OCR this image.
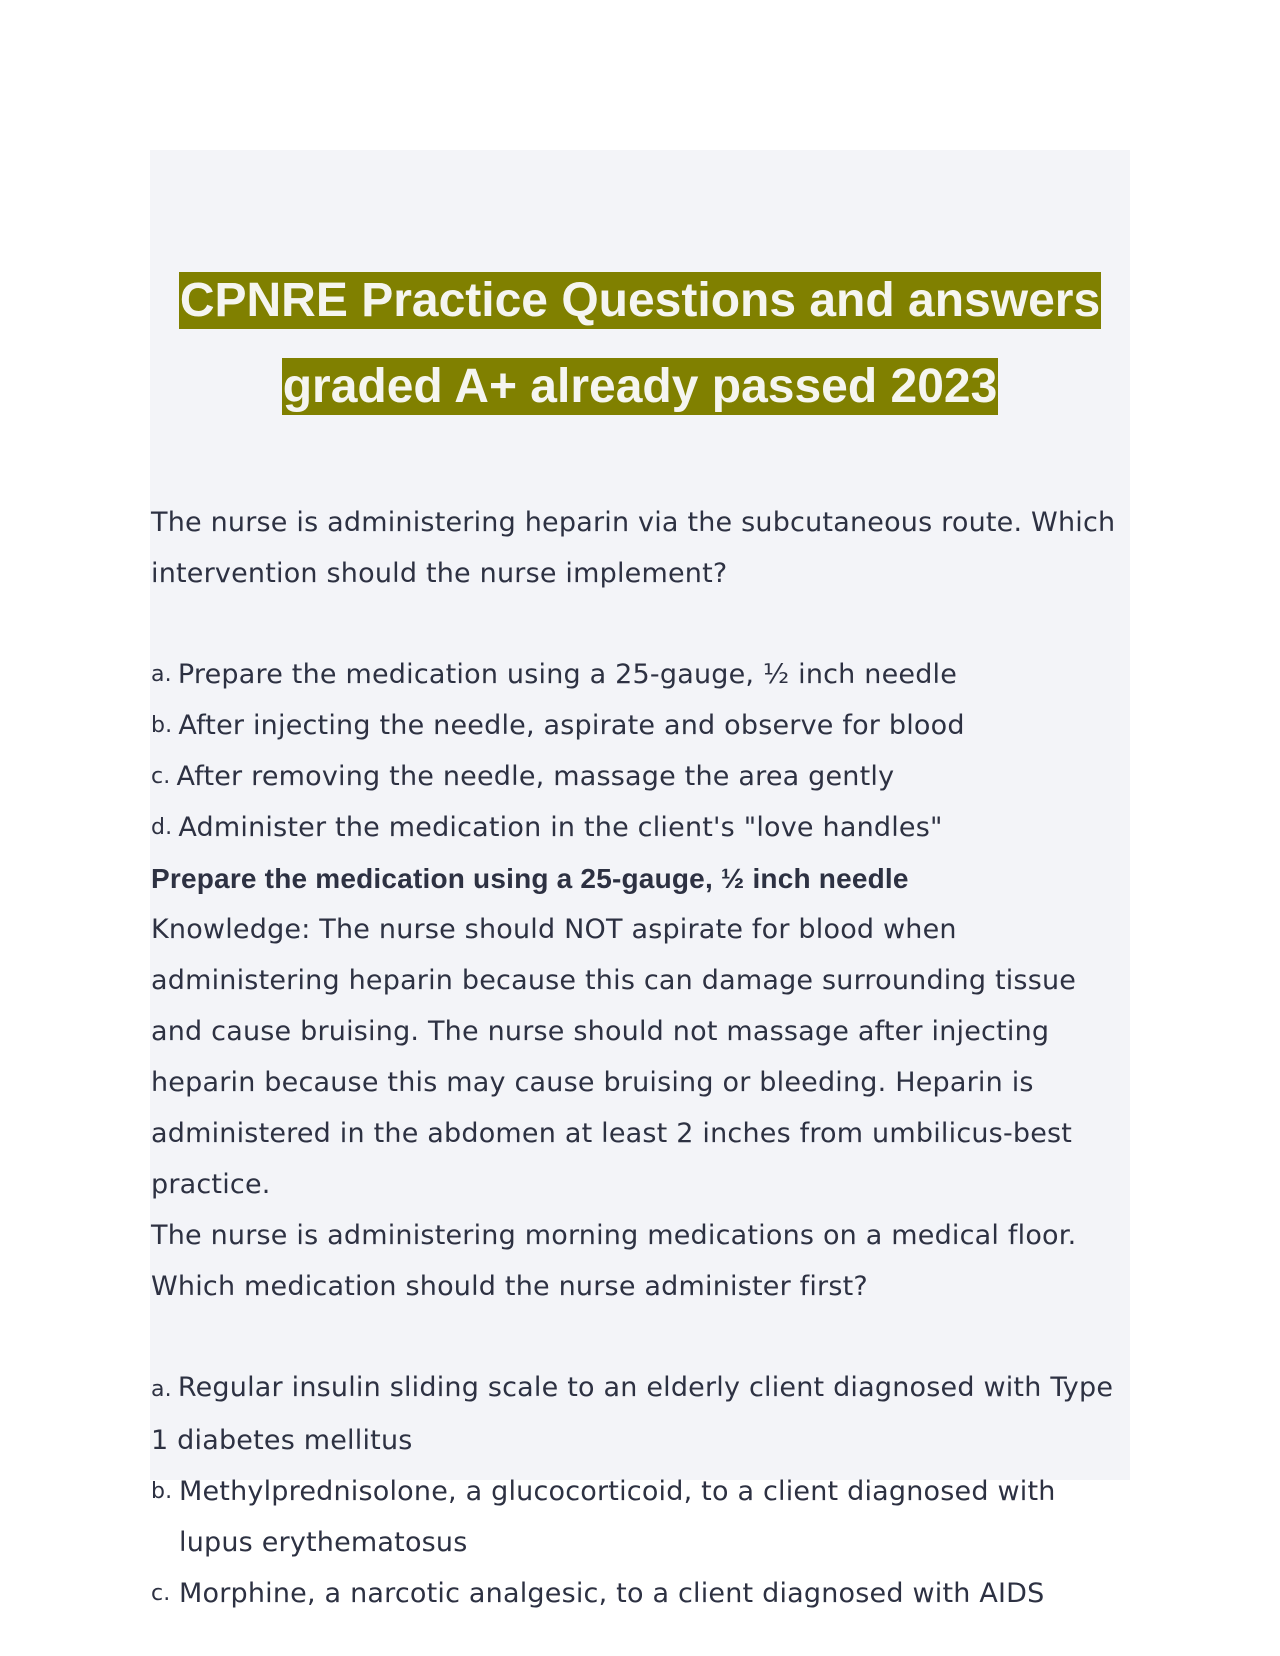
CPNRE Practice Questions and answers
graded A+ already passed 2023

The nurse is administering heparin via the subcutaneous route. Which intervention should the nurse implement?

a. Prepare the medication using a 25-gauge, ½ inch needle
b. After injecting the needle, aspirate and observe for blood
c. After removing the needle, massage the area gently
d. Administer the medication in the client's "love handles"

Prepare the medication using a 25-gauge, ½ inch needle

Knowledge: The nurse should NOT aspirate for blood when administering heparin because this can damage surrounding tissue and cause bruising. The nurse should not massage after injecting heparin because this may cause bruising or bleeding. Heparin is administered in the abdomen at least 2 inches from umbilicus-best practice.

The nurse is administering morning medications on a medical floor. Which medication should the nurse administer first?

a. Regular insulin sliding scale to an elderly client diagnosed with Type 1 diabetes mellitus

b. Methylprednisolone, a glucocorticoid, to a client diagnosed with lupus erythematosus
c. Morphine, a narcotic analgesic, to a client diagnosed with AIDS
